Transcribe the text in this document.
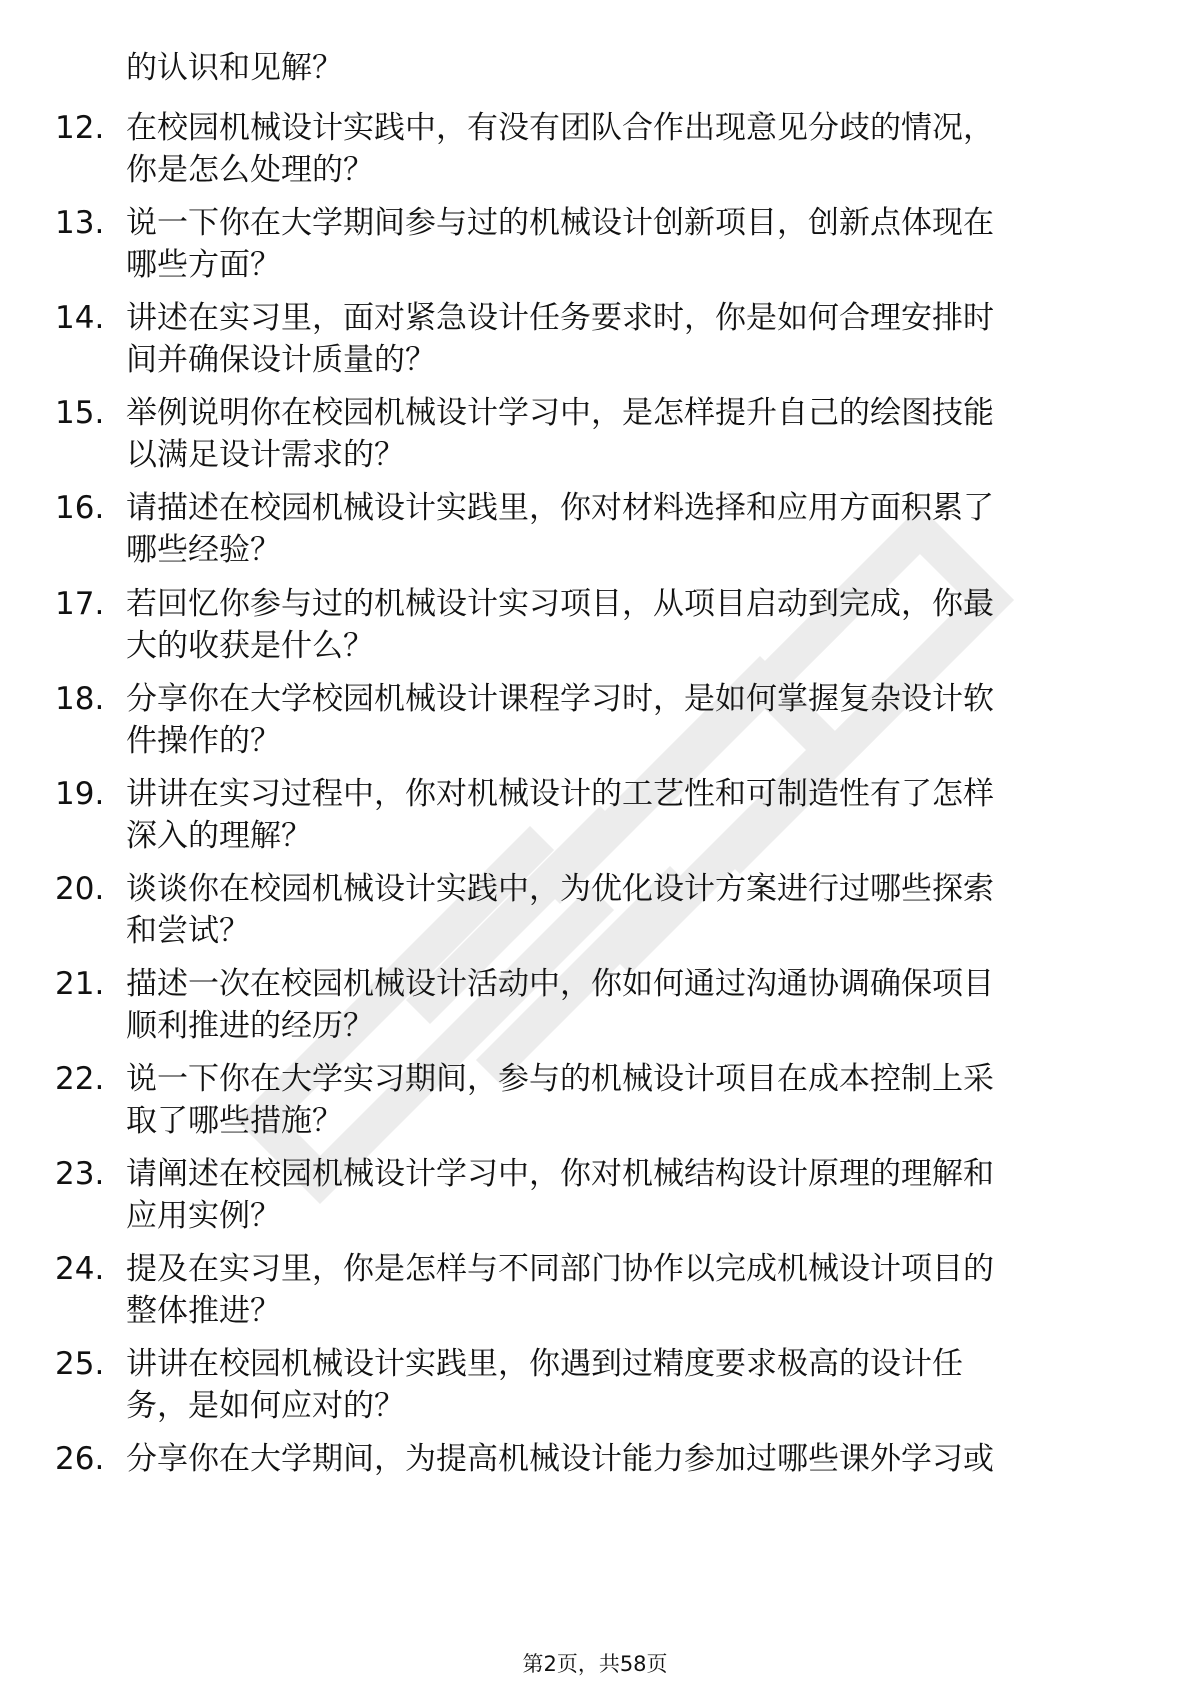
的认识和见解？
12. 在校园机械设计实践中，有没有团队合作出现意见分歧的情况，
你是怎么处理的？
13. 说一下你在大学期间参与过的机械设计创新项目，创新点体现在
哪些方面？
14. 讲述在实习里，面对紧急设计任务要求时，你是如何合理安排时
间并确保设计质量的？
15. 举例说明你在校园机械设计学习中，是怎样提升自己的绘图技能
以满足设计需求的？
16. 请描述在校园机械设计实践里，你对材料选择和应用方面积累了
哪些经验？
17. 若回忆你参与过的机械设计实习项目，从项目启动到完成，你最
大的收获是什么？
18. 分享你在大学校园机械设计课程学习时，是如何掌握复杂设计软
件操作的？
19. 讲讲在实习过程中，你对机械设计的工艺性和可制造性有了怎样
深入的理解？
20. 谈谈你在校园机械设计实践中，为优化设计方案进行过哪些探索
和尝试？
21. 描述一次在校园机械设计活动中，你如何通过沟通协调确保项目
顺利推进的经历？
22. 说一下你在大学实习期间，参与的机械设计项目在成本控制上采
取了哪些措施？
23. 请阐述在校园机械设计学习中，你对机械结构设计原理的理解和
应用实例？
24. 提及在实习里，你是怎样与不同部门协作以完成机械设计项目的
整体推进？
25. 讲讲在校园机械设计实践里，你遇到过精度要求极高的设计任
务，是如何应对的？
26. 分享你在大学期间，为提高机械设计能力参加过哪些课外学习或
第2页，共58页
